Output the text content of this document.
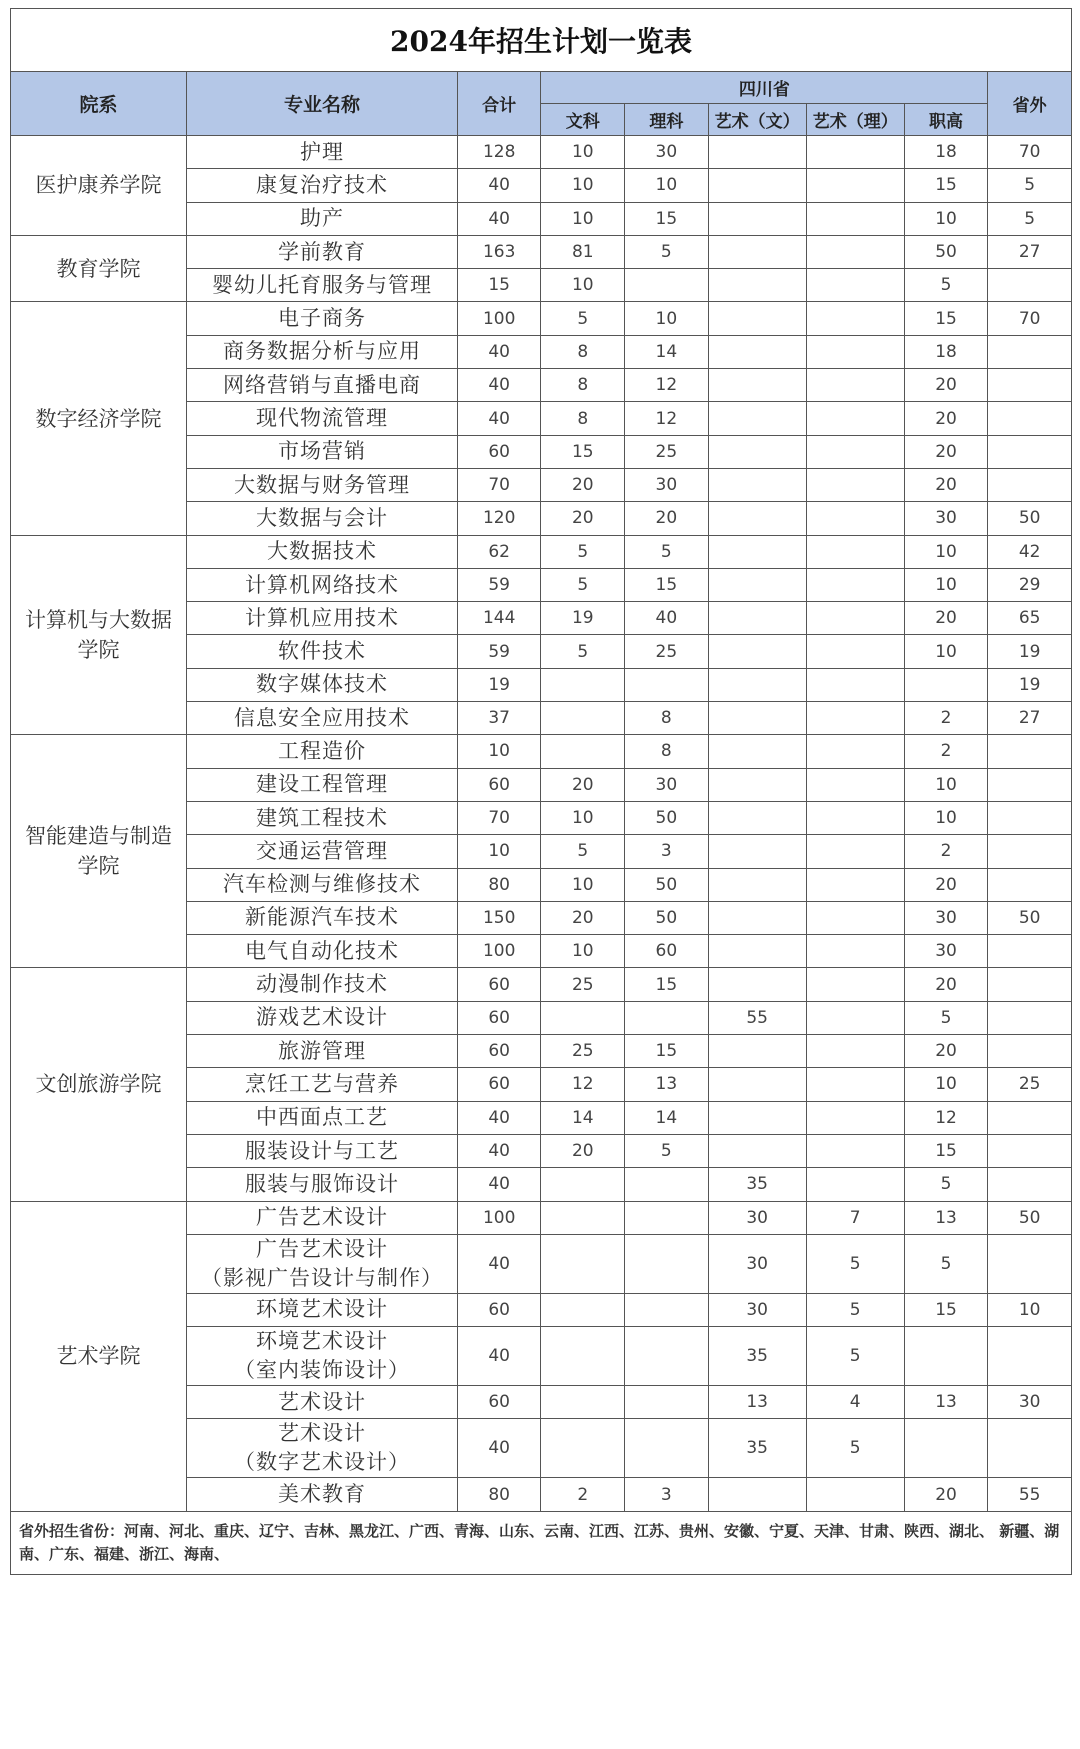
2024年招生计划一览表								
院系	专业名称	合计	四川省					省外
			文科	理科	艺术（文）	艺术（理）	职高	
医护康养学院	护理	128	10	30			18	70
	康复治疗技术	40	10	10			15	5
	助产	40	10	15			10	5
教育学院	学前教育	163	81	5			50	27
	婴幼儿托育服务与管理	15	10				5	
数字经济学院	电子商务	100	5	10			15	70
	商务数据分析与应用	40	8	14			18	
	网络营销与直播电商	40	8	12			20	
	现代物流管理	40	8	12			20	
	市场营销	60	15	25			20	
	大数据与财务管理	70	20	30			20	
	大数据与会计	120	20	20			30	50
计算机与大数据学院	大数据技术	62	5	5			10	42
	计算机网络技术	59	5	15			10	29
	计算机应用技术	144	19	40			20	65
	软件技术	59	5	25			10	19
	数字媒体技术	19						19
	信息安全应用技术	37		8			2	27
智能建造与制造学院	工程造价	10		8			2	
	建设工程管理	60	20	30			10	
	建筑工程技术	70	10	50			10	
	交通运营管理	10	5	3			2	
	汽车检测与维修技术	80	10	50			20	
	新能源汽车技术	150	20	50			30	50
	电气自动化技术	100	10	60			30	
文创旅游学院	动漫制作技术	60	25	15			20	
	游戏艺术设计	60			55		5	
	旅游管理	60	25	15			20	
	烹饪工艺与营养	60	12	13			10	25
	中西面点工艺	40	14	14			12	
	服装设计与工艺	40	20	5			15	
	服装与服饰设计	40			35		5	
艺术学院	广告艺术设计	100			30	7	13	50
	广告艺术设计
（影视广告设计与制作）	40			30	5	5	
	环境艺术设计	60			30	5	15	10
	环境艺术设计
（室内装饰设计）	40			35	5		
	艺术设计	60			13	4	13	30
	艺术设计
（数字艺术设计）	40			35	5		
	美术教育	80	2	3			20	55
省外招生省份：河南、河北、重庆、辽宁、吉林、黑龙江、广西、青海、山东、云南、江西、江苏、贵州、安徽、宁夏、天津、甘肃、陕西、湖北、 新疆、湖南、广东、福建、浙江、海南、								
